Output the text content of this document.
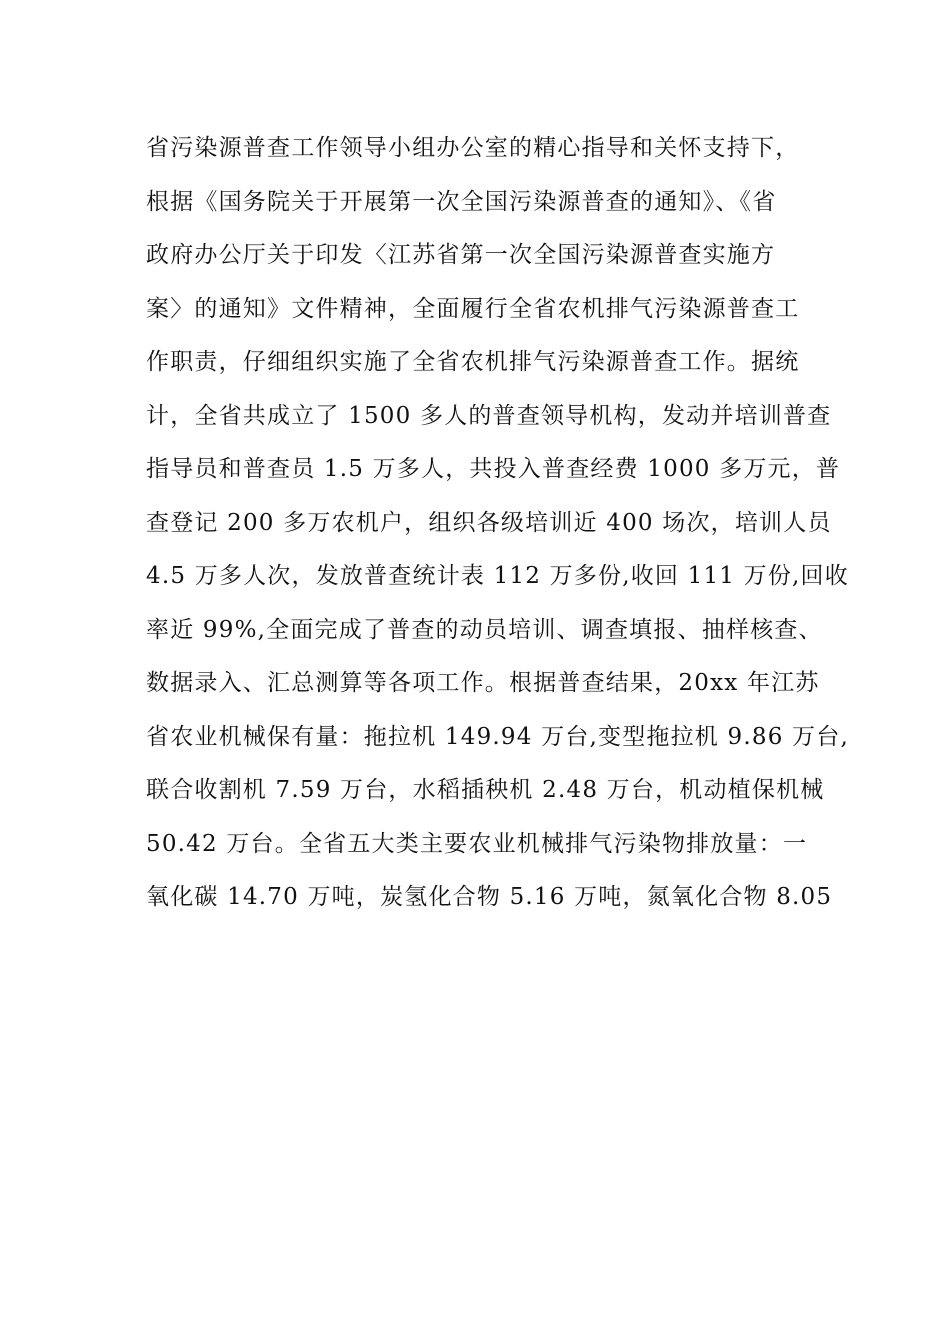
省污染源普查工作领导小组办公室的精心指导和关怀支持下，
根据《国务院关于开展第一次全国污染源普查的通知》、《省
政府办公厅关于印发〈江苏省第一次全国污染源普查实施方
案〉的通知》文件精神，全面履行全省农机排气污染源普查工
作职责，仔细组织实施了全省农机排气污染源普查工作。据统
计，全省共成立了 1500 多人的普查领导机构，发动并培训普查
指导员和普查员 1.5 万多人，共投入普查经费 1000 多万元，普
查登记 200 多万农机户，组织各级培训近 400 场次，培训人员
4.5 万多人次，发放普查统计表 112 万多份,收回 111 万份,回收
率近 99%,全面完成了普查的动员培训、调查填报、抽样核查、
数据录入、汇总测算等各项工作。根据普查结果，20xx 年江苏
省农业机械保有量：拖拉机 149.94 万台,变型拖拉机 9.86 万台,
联合收割机 7.59 万台，水稻插秧机 2.48 万台，机动植保机械
50.42 万台。全省五大类主要农业机械排气污染物排放量：一
氧化碳 14.70 万吨，炭氢化合物 5.16 万吨，氮氧化合物 8.05
